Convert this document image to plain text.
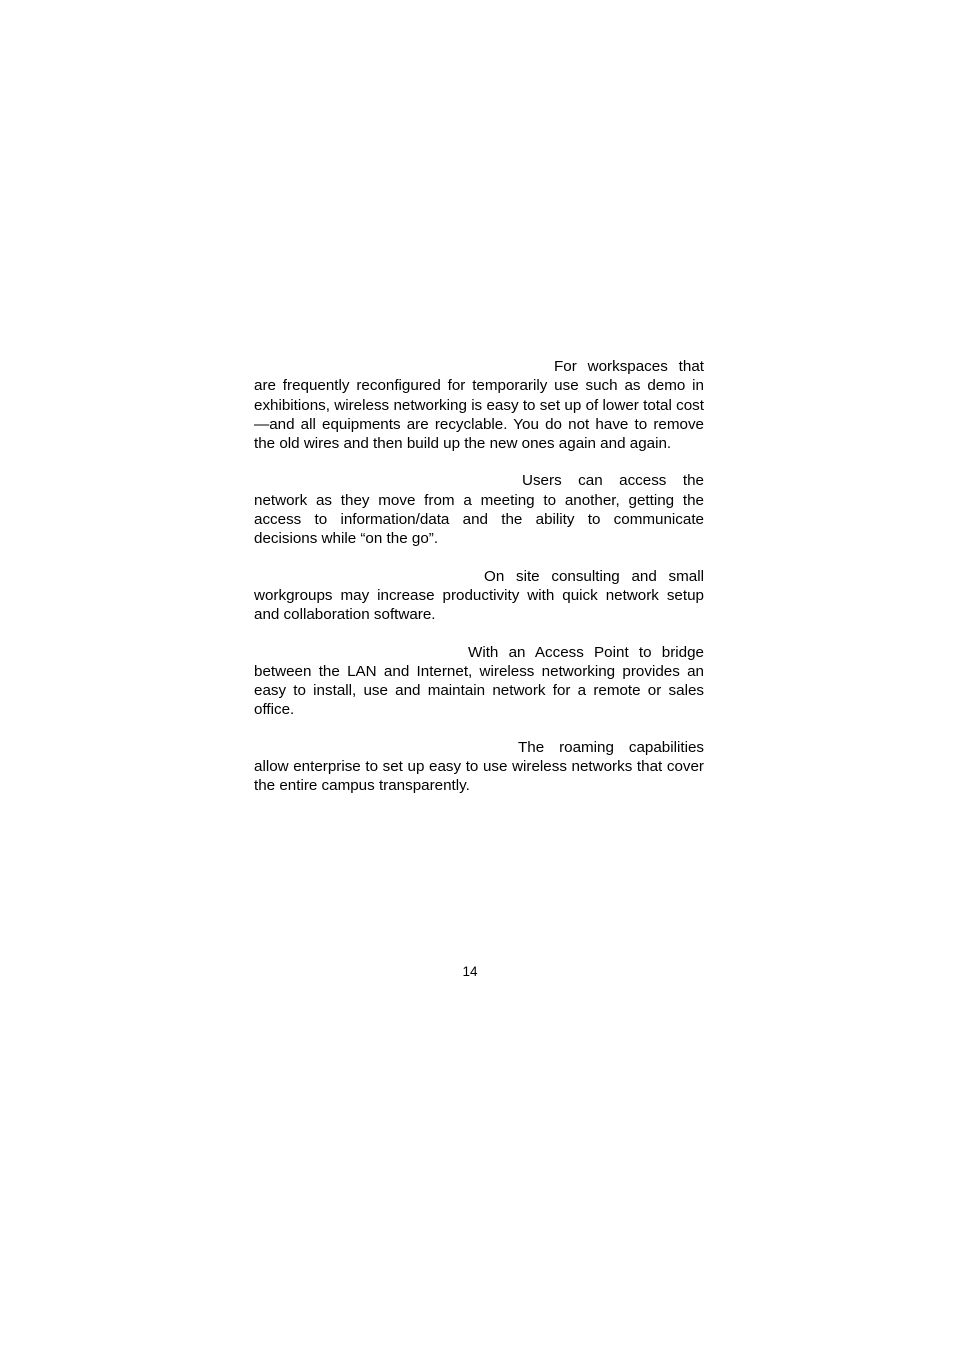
For workspaces that are frequently reconfigured for temporarily use such as demo in exhibitions, wireless networking is easy to set up of lower total cost—and all equipments are recyclable. You do not have to remove the old wires and then build up the new ones again and again.

Users can access the network as they move from a meeting to another, getting the access to information/data and the ability to communicate decisions while “on the go”.

On site consulting and small workgroups may increase productivity with quick network setup and collaboration software.

With an Access Point to bridge between the LAN and Internet, wireless networking provides an easy to install, use and maintain network for a remote or sales office.

The roaming capabilities allow enterprise to set up easy to use wireless networks that cover the entire campus transparently.

14
